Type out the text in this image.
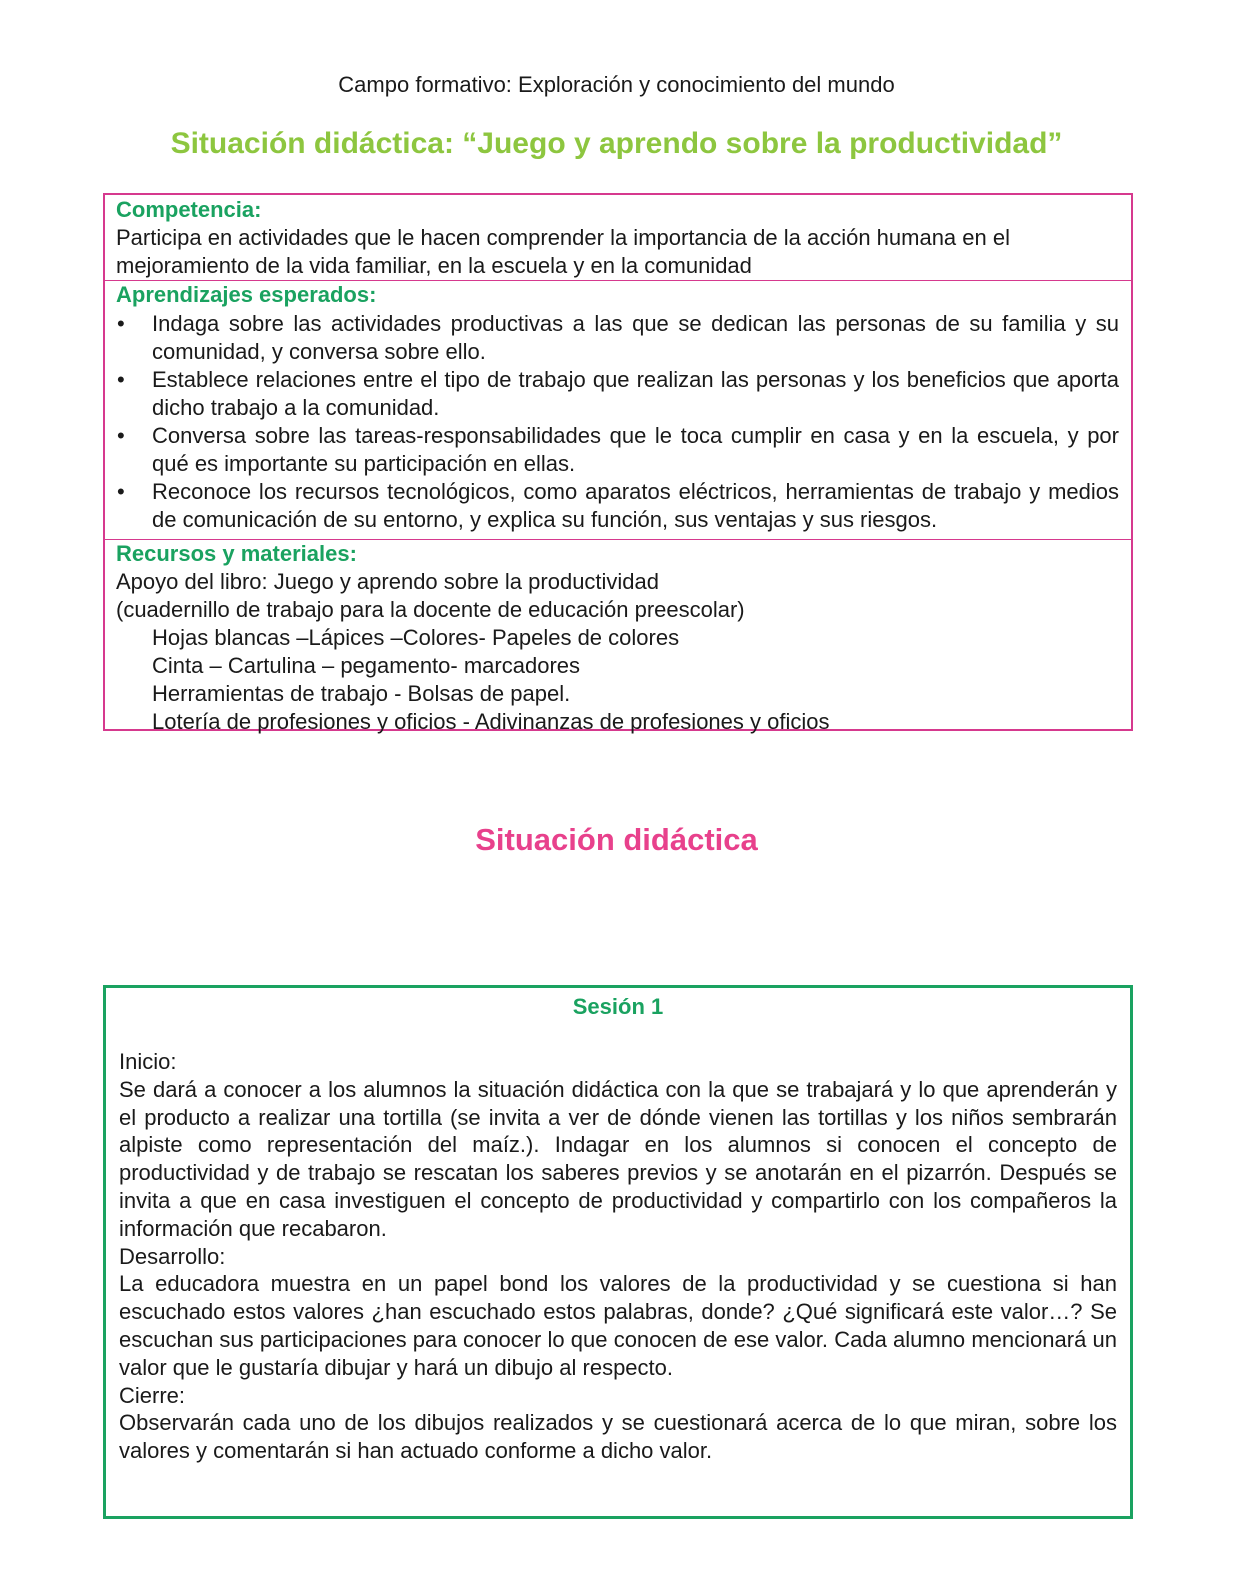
Campo formativo: Exploración y conocimiento del mundo
Situación didáctica: “Juego y aprendo sobre la productividad”
Competencia:
Participa en actividades que le hacen comprender la importancia de la acción humana en el mejoramiento de la vida familiar, en la escuela y en la comunidad
Aprendizajes esperados:
• Indaga sobre las actividades productivas a las que se dedican las personas de su familia y su comunidad, y conversa sobre ello.
• Establece relaciones entre el tipo de trabajo que realizan las personas y los beneficios que aporta dicho trabajo a la comunidad.
• Conversa sobre las tareas-responsabilidades que le toca cumplir en casa y en la escuela, y por qué es importante su participación en ellas.
• Reconoce los recursos tecnológicos, como aparatos eléctricos, herramientas de trabajo y medios de comunicación de su entorno, y explica su función, sus ventajas y sus riesgos.
Recursos y materiales:
Apoyo del libro: Juego y aprendo sobre la productividad
(cuadernillo de trabajo para la docente de educación preescolar)
Hojas blancas –Lápices –Colores- Papeles de colores
Cinta – Cartulina – pegamento- marcadores
Herramientas de trabajo - Bolsas de papel.
Lotería de profesiones y oficios - Adivinanzas de profesiones y oficios
Situación didáctica
Sesión 1
Inicio:
Se dará a conocer a los alumnos la situación didáctica con la que se trabajará y lo que aprenderán y el producto a realizar una tortilla (se invita a ver de dónde vienen las tortillas y los niños sembrarán alpiste como representación del maíz.). Indagar en los alumnos si conocen el concepto de productividad y de trabajo se rescatan los saberes previos y se anotarán en el pizarrón. Después se invita a que en casa investiguen el concepto de productividad y compartirlo con los compañeros la información que recabaron.
Desarrollo:
La educadora muestra en un papel bond los valores de la productividad y se cuestiona si han escuchado estos valores ¿han escuchado estos palabras, donde? ¿Qué significará este valor…? Se escuchan sus participaciones para conocer lo que conocen de ese valor. Cada alumno mencionará un valor que le gustaría dibujar y hará un dibujo al respecto.
Cierre:
Observarán cada uno de los dibujos realizados y se cuestionará acerca de lo que miran, sobre los valores y comentarán si han actuado conforme a dicho valor.
